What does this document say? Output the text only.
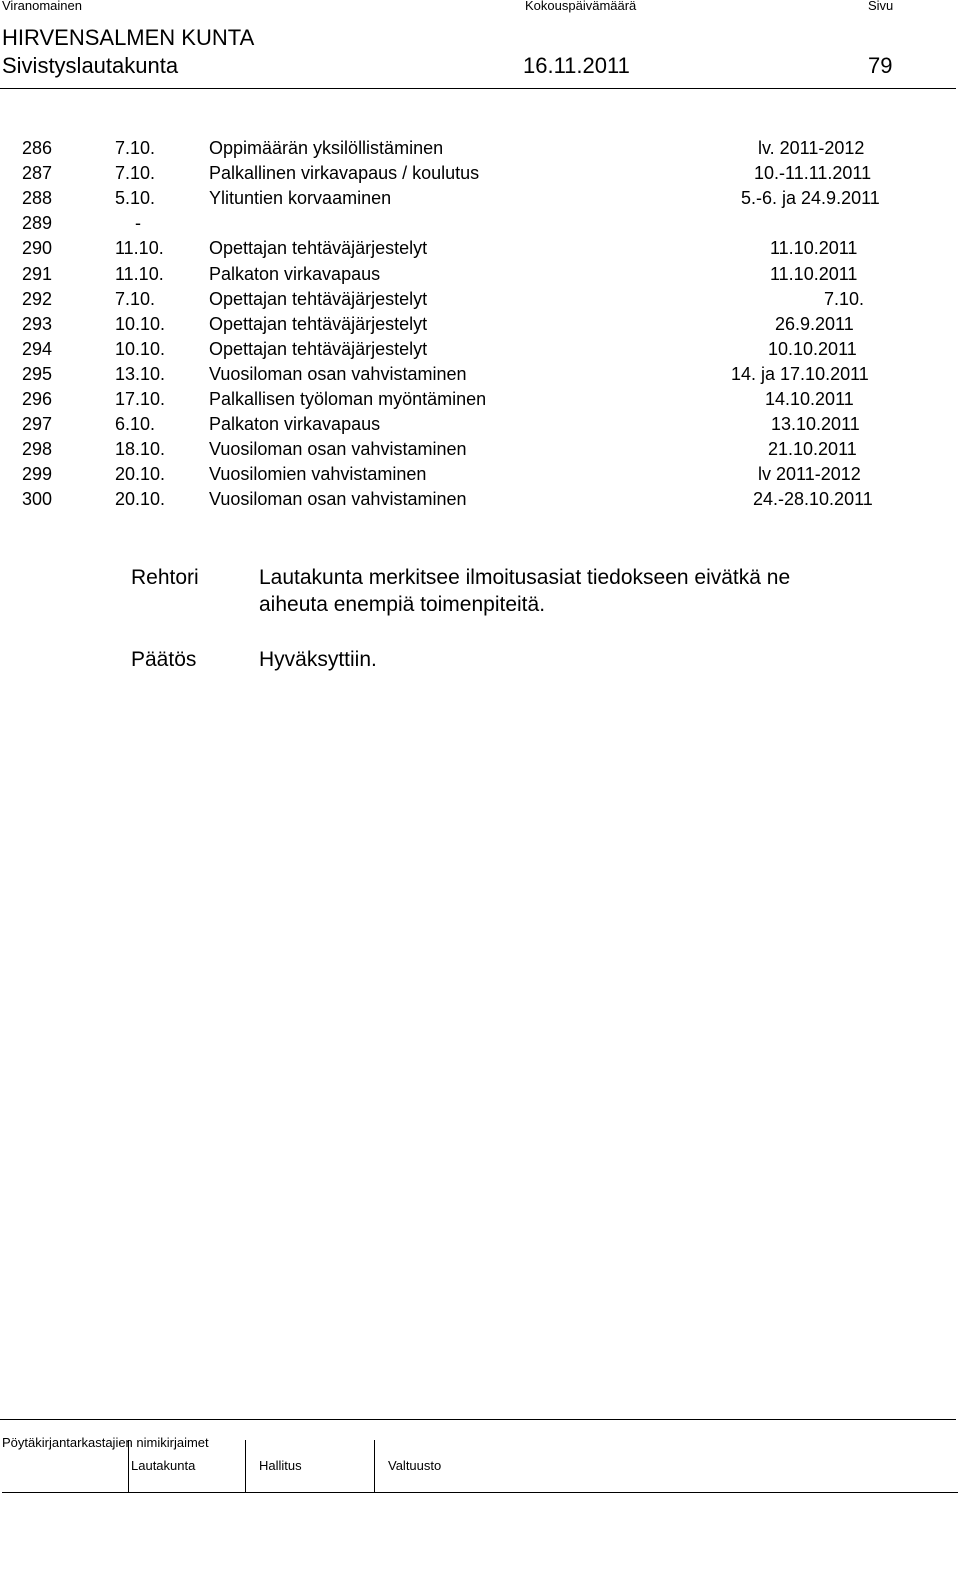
Viranomainen	Kokouspäivämäärä	Sivu
HIRVENSALMEN KUNTA
Sivistyslautakunta	16.11.2011	79
286	7.10.	Oppimäärän yksilöllistäminen	lv. 2011-2012
287	7.10.	Palkallinen virkavapaus / koulutus	10.-11.11.2011
288	5.10.	Ylituntien korvaaminen	5.-6. ja 24.9.2011
289	-
290	11.10.	Opettajan tehtäväjärjestelyt	11.10.2011
291	11.10.	Palkaton virkavapaus	11.10.2011
292	7.10.	Opettajan tehtäväjärjestelyt	7.10.
293	10.10. Opettajan tehtäväjärjestelyt	26.9.2011
294	10.10. Opettajan tehtäväjärjestelyt	10.10.2011
295	13.10. Vuosiloman osan vahvistaminen	14. ja 17.10.2011
296	17.10. Palkallisen työloman myöntäminen	14.10.2011
297	6.10.	Palkaton virkavapaus	13.10.2011
298	18.10. Vuosiloman osan vahvistaminen	21.10.2011
299	20.10. Vuosilomien vahvistaminen	lv 2011-2012
300	20.10. Vuosiloman osan vahvistaminen	24.-28.10.2011
Rehtori	Lautakunta merkitsee ilmoitusasiat tiedokseen eivätkä ne
aiheuta enempiä toimenpiteitä.
Päätös	Hyväksyttiin.
Pöytäkirjantarkastajien nimikirjaimet
Lautakunta	Hallitus	Valtuusto
